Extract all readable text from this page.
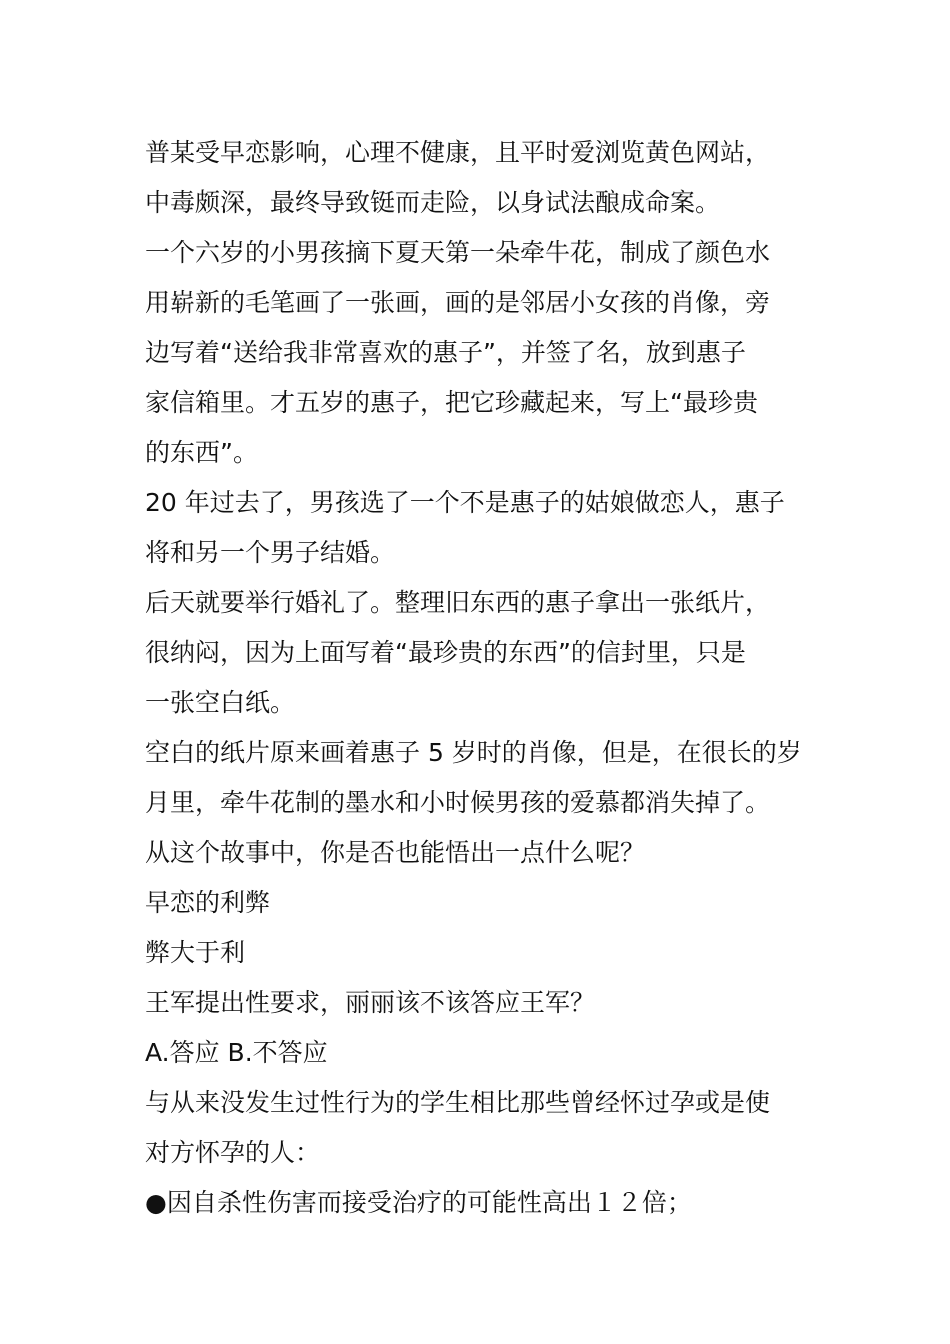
普某受早恋影响，心理不健康，且平时爱浏览黄色网站，
中毒颇深，最终导致铤而走险，以身试法酿成命案。
一个六岁的小男孩摘下夏天第一朵牵牛花，制成了颜色水
用崭新的毛笔画了一张画，画的是邻居小女孩的肖像，旁
边写着“送给我非常喜欢的惠子”，并签了名，放到惠子
家信箱里。才五岁的惠子，把它珍藏起来，写上“最珍贵
的东西”。
20 年过去了，男孩选了一个不是惠子的姑娘做恋人，惠子
将和另一个男子结婚。
后天就要举行婚礼了。整理旧东西的惠子拿出一张纸片，
很纳闷，因为上面写着“最珍贵的东西”的信封里，只是
一张空白纸。
空白的纸片原来画着惠子 5 岁时的肖像，但是，在很长的岁
月里，牵牛花制的墨水和小时候男孩的爱慕都消失掉了。
从这个故事中，你是否也能悟出一点什么呢？
早恋的利弊
弊大于利
王军提出性要求，丽丽该不该答应王军？
A.答应 B.不答应
与从来没发生过性行为的学生相比那些曾经怀过孕或是使
对方怀孕的人：
●因自杀性伤害而接受治疗的可能性高出１２倍；
